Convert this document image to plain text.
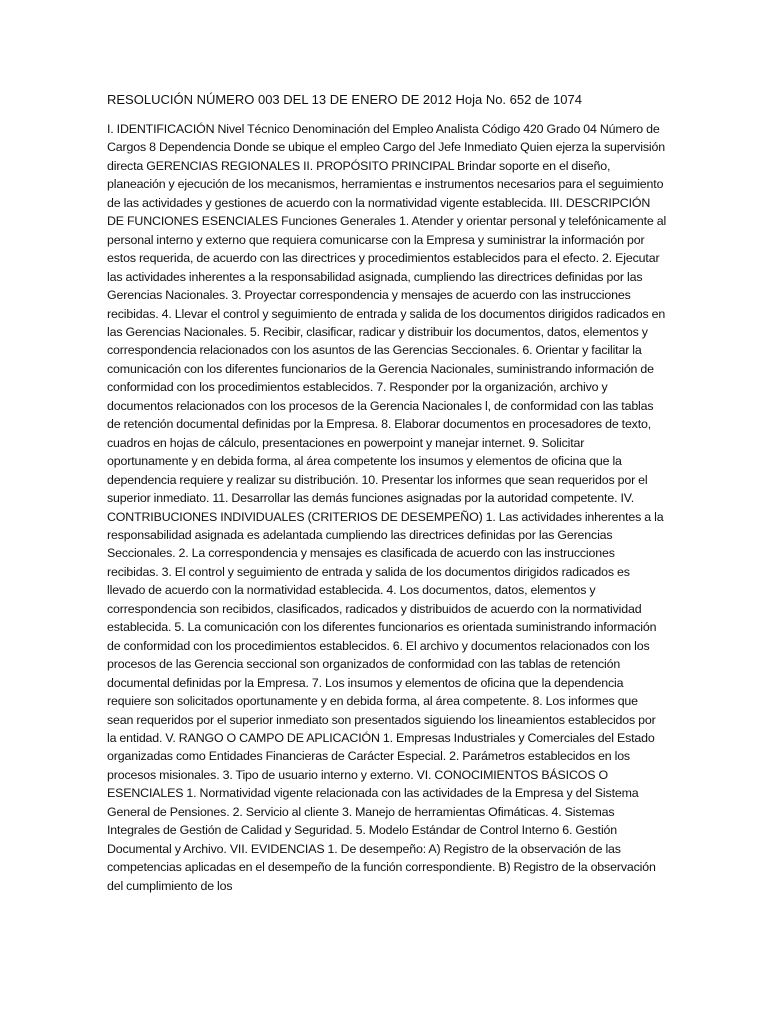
RESOLUCIÓN NÚMERO 003 DEL 13 DE ENERO DE 2012 Hoja No. 652 de 1074
I. IDENTIFICACIÓN Nivel Técnico Denominación del Empleo Analista Código 420 Grado 04 Número de Cargos 8 Dependencia Donde se ubique el empleo Cargo del Jefe Inmediato Quien ejerza la supervisión directa GERENCIAS REGIONALES II. PROPÓSITO PRINCIPAL Brindar soporte en el diseño, planeación y ejecución de los mecanismos, herramientas e instrumentos necesarios para el seguimiento de las actividades y gestiones de acuerdo con la normatividad vigente establecida. III. DESCRIPCIÓN DE FUNCIONES ESENCIALES Funciones Generales 1. Atender y orientar personal y telefónicamente al personal interno y externo que requiera comunicarse con la Empresa y suministrar la información por estos requerida, de acuerdo con las directrices y procedimientos establecidos para el efecto. 2. Ejecutar las actividades inherentes a la responsabilidad asignada, cumpliendo las directrices definidas por las Gerencias Nacionales. 3. Proyectar correspondencia y mensajes de acuerdo con las instrucciones recibidas. 4. Llevar el control y seguimiento de entrada y salida de los documentos dirigidos radicados en las Gerencias Nacionales. 5. Recibir, clasificar, radicar y distribuir los documentos, datos, elementos y correspondencia relacionados con los asuntos de las Gerencias Seccionales. 6. Orientar y facilitar la comunicación con los diferentes funcionarios de la Gerencia Nacionales, suministrando información de conformidad con los procedimientos establecidos. 7. Responder por la organización, archivo y documentos relacionados con los procesos de la Gerencia Nacionales l, de conformidad con las tablas de retención documental definidas por la Empresa. 8. Elaborar documentos en procesadores de texto, cuadros en hojas de cálculo, presentaciones en powerpoint y manejar internet. 9. Solicitar oportunamente y en debida forma, al área competente los insumos y elementos de oficina que la dependencia requiere y realizar su distribución. 10. Presentar los informes que sean requeridos por el superior inmediato. 11. Desarrollar las demás funciones asignadas por la autoridad competente. IV. CONTRIBUCIONES INDIVIDUALES (CRITERIOS DE DESEMPEÑO) 1. Las actividades inherentes a la responsabilidad asignada es adelantada cumpliendo las directrices definidas por las Gerencias Seccionales. 2. La correspondencia y mensajes es clasificada de acuerdo con las instrucciones recibidas. 3. El control y seguimiento de entrada y salida de los documentos dirigidos radicados es llevado de acuerdo con la normatividad establecida. 4. Los documentos, datos, elementos y correspondencia son recibidos, clasificados, radicados y distribuidos de acuerdo con la normatividad establecida. 5. La comunicación con los diferentes funcionarios es orientada suministrando información de conformidad con los procedimientos establecidos. 6. El archivo y documentos relacionados con los procesos de las Gerencia seccional son organizados de conformidad con las tablas de retención documental definidas por la Empresa. 7. Los insumos y elementos de oficina que la dependencia requiere son solicitados oportunamente y en debida forma, al área competente. 8. Los informes que sean requeridos por el superior inmediato son presentados siguiendo los lineamientos establecidos por la entidad. V. RANGO O CAMPO DE APLICACIÓN 1. Empresas Industriales y Comerciales del Estado organizadas como Entidades Financieras de Carácter Especial. 2. Parámetros establecidos en los procesos misionales. 3. Tipo de usuario interno y externo. VI. CONOCIMIENTOS BÁSICOS O ESENCIALES 1. Normatividad vigente relacionada con las actividades de la Empresa y del Sistema General de Pensiones. 2. Servicio al cliente 3. Manejo de herramientas Ofimáticas. 4. Sistemas Integrales de Gestión de Calidad y Seguridad. 5. Modelo Estándar de Control Interno 6. Gestión Documental y Archivo. VII. EVIDENCIAS 1. De desempeño: A) Registro de la observación de las competencias aplicadas en el desempeño de la función correspondiente. B) Registro de la observación del cumplimiento de los
